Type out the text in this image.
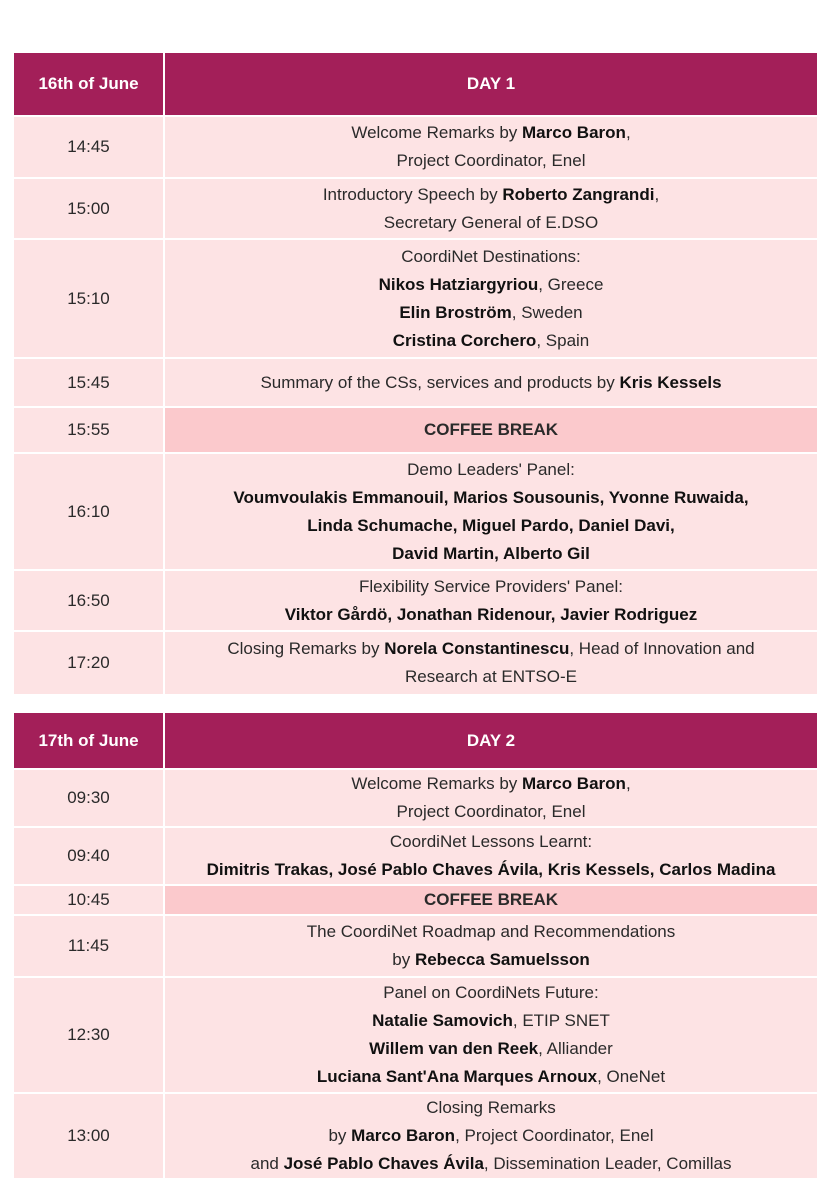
16th of June	DAY 1
14:45	Welcome Remarks by Marco Baron,
Project Coordinator, Enel

15:00	Introductory Speech by Roberto Zangrandi,
Secretary General of E.DSO

15:10	CoordiNet Destinations:
Nikos Hatziargyriou, Greece
Elin Broström, Sweden
Cristina Corchero, Spain

15:45	Summary of the CSs, services and products by Kris Kessels

15:55	COFFEE BREAK

16:10	Demo Leaders' Panel:
Voumvoulakis Emmanouil, Marios Sousounis, Yvonne Ruwaida,
Linda Schumache, Miguel Pardo, Daniel Davi,
David Martin, Alberto Gil

16:50	Flexibility Service Providers' Panel:
Viktor Gårdö, Jonathan Ridenour, Javier Rodriguez

17:20	Closing Remarks by Norela Constantinescu, Head of Innovation and
Research at ENTSO-E
17th of June	DAY 2
09:30	Welcome Remarks by Marco Baron,
Project Coordinator, Enel

09:40	CoordiNet Lessons Learnt:
Dimitris Trakas, José Pablo Chaves Ávila, Kris Kessels, Carlos Madina

10:45	COFFEE BREAK

11:45	The CoordiNet Roadmap and Recommendations
by Rebecca Samuelsson

12:30	Panel on CoordiNets Future:
Natalie Samovich, ETIP SNET
Willem van den Reek, Alliander
Luciana Sant'Ana Marques Arnoux, OneNet

13:00	Closing Remarks
by Marco Baron, Project Coordinator, Enel
and José Pablo Chaves Ávila, Dissemination Leader, Comillas
